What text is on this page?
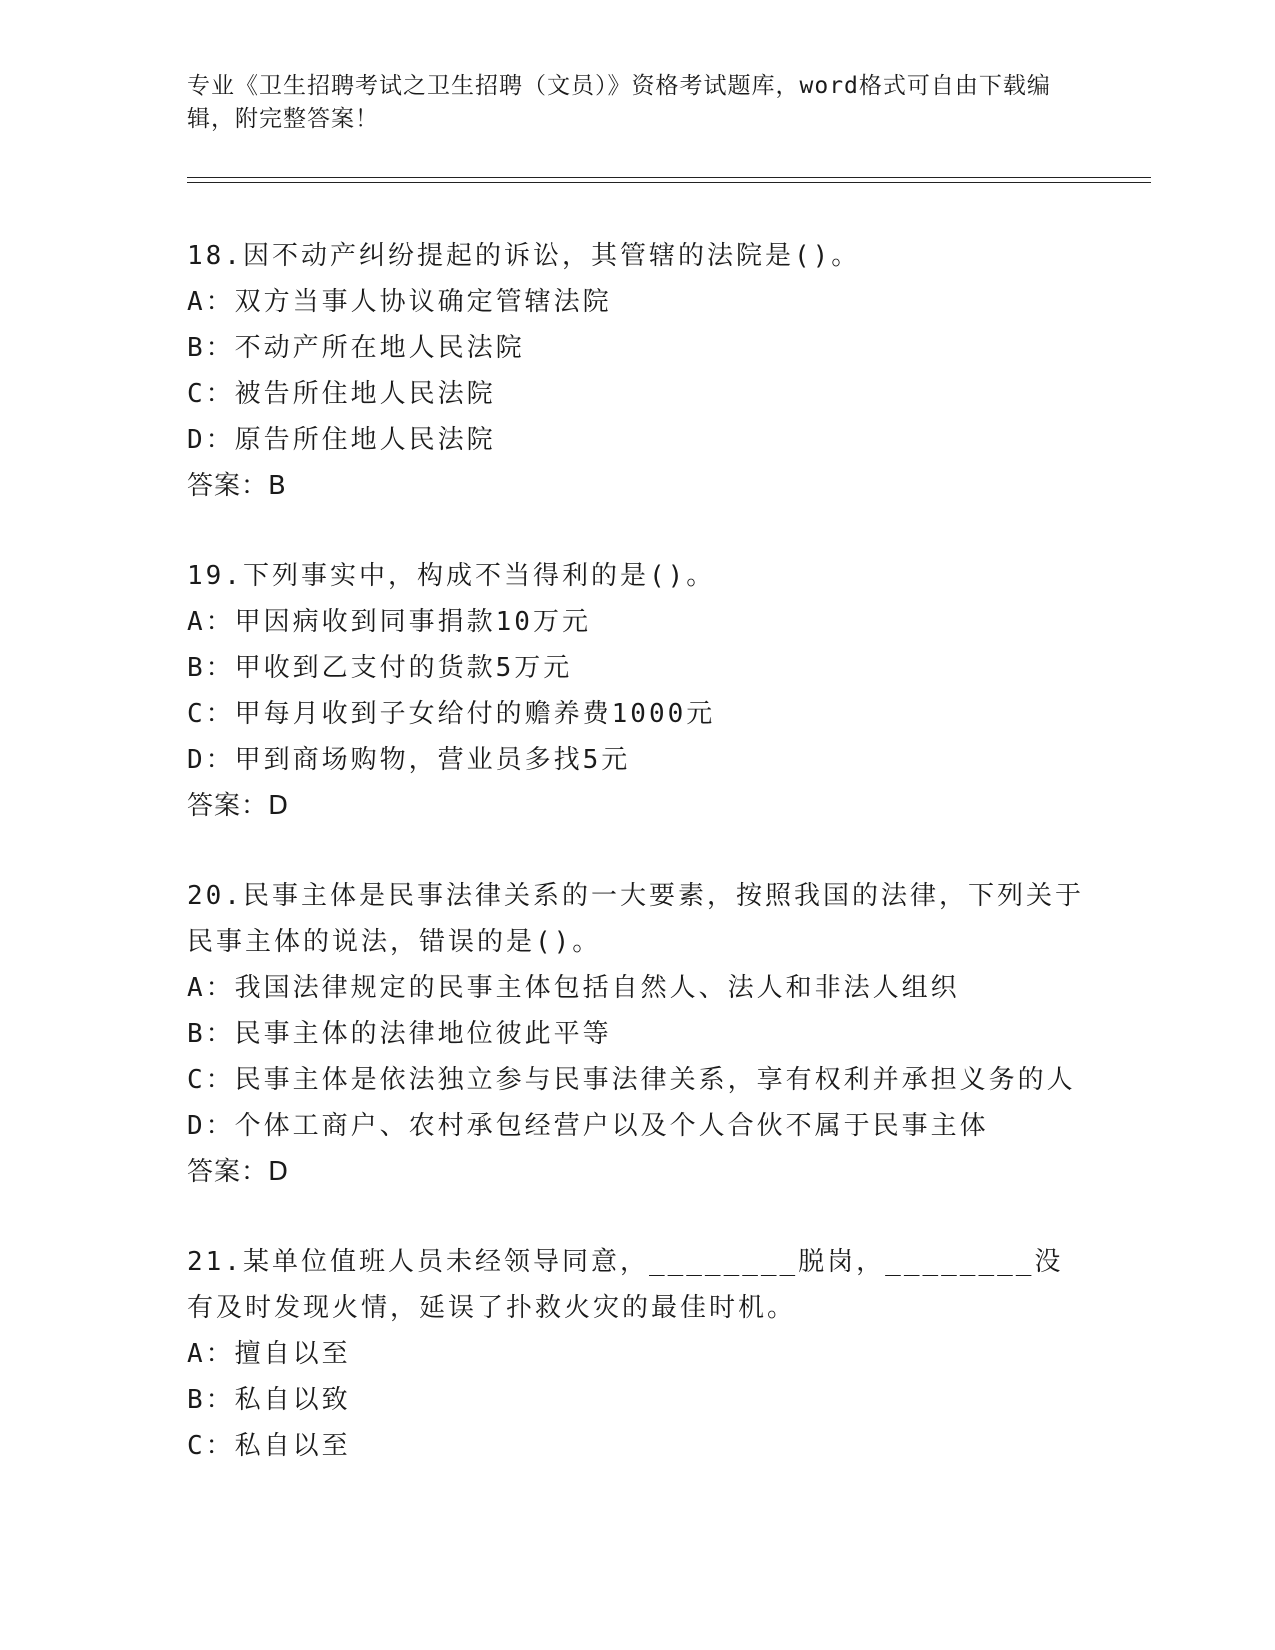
专业《卫生招聘考试之卫生招聘（文员）》资格考试题库，word格式可自由下载编辑，附完整答案！
18.因不动产纠纷提起的诉讼，其管辖的法院是()。
A：双方当事人协议确定管辖法院
B：不动产所在地人民法院
C：被告所住地人民法院
D：原告所住地人民法院
答案：B
19.下列事实中，构成不当得利的是()。
A：甲因病收到同事捐款10万元
B：甲收到乙支付的货款5万元
C：甲每月收到子女给付的赡养费1000元
D：甲到商场购物，营业员多找5元
答案：D
20.民事主体是民事法律关系的一大要素，按照我国的法律，下列关于民事主体的说法，错误的是()。
A：我国法律规定的民事主体包括自然人、法人和非法人组织
B：民事主体的法律地位彼此平等
C：民事主体是依法独立参与民事法律关系，享有权利并承担义务的人
D：个体工商户、农村承包经营户以及个人合伙不属于民事主体
答案：D
21.某单位值班人员未经领导同意，________脱岗，________没有及时发现火情，延误了扑救火灾的最佳时机。
A：擅自以至
B：私自以致
C：私自以至
